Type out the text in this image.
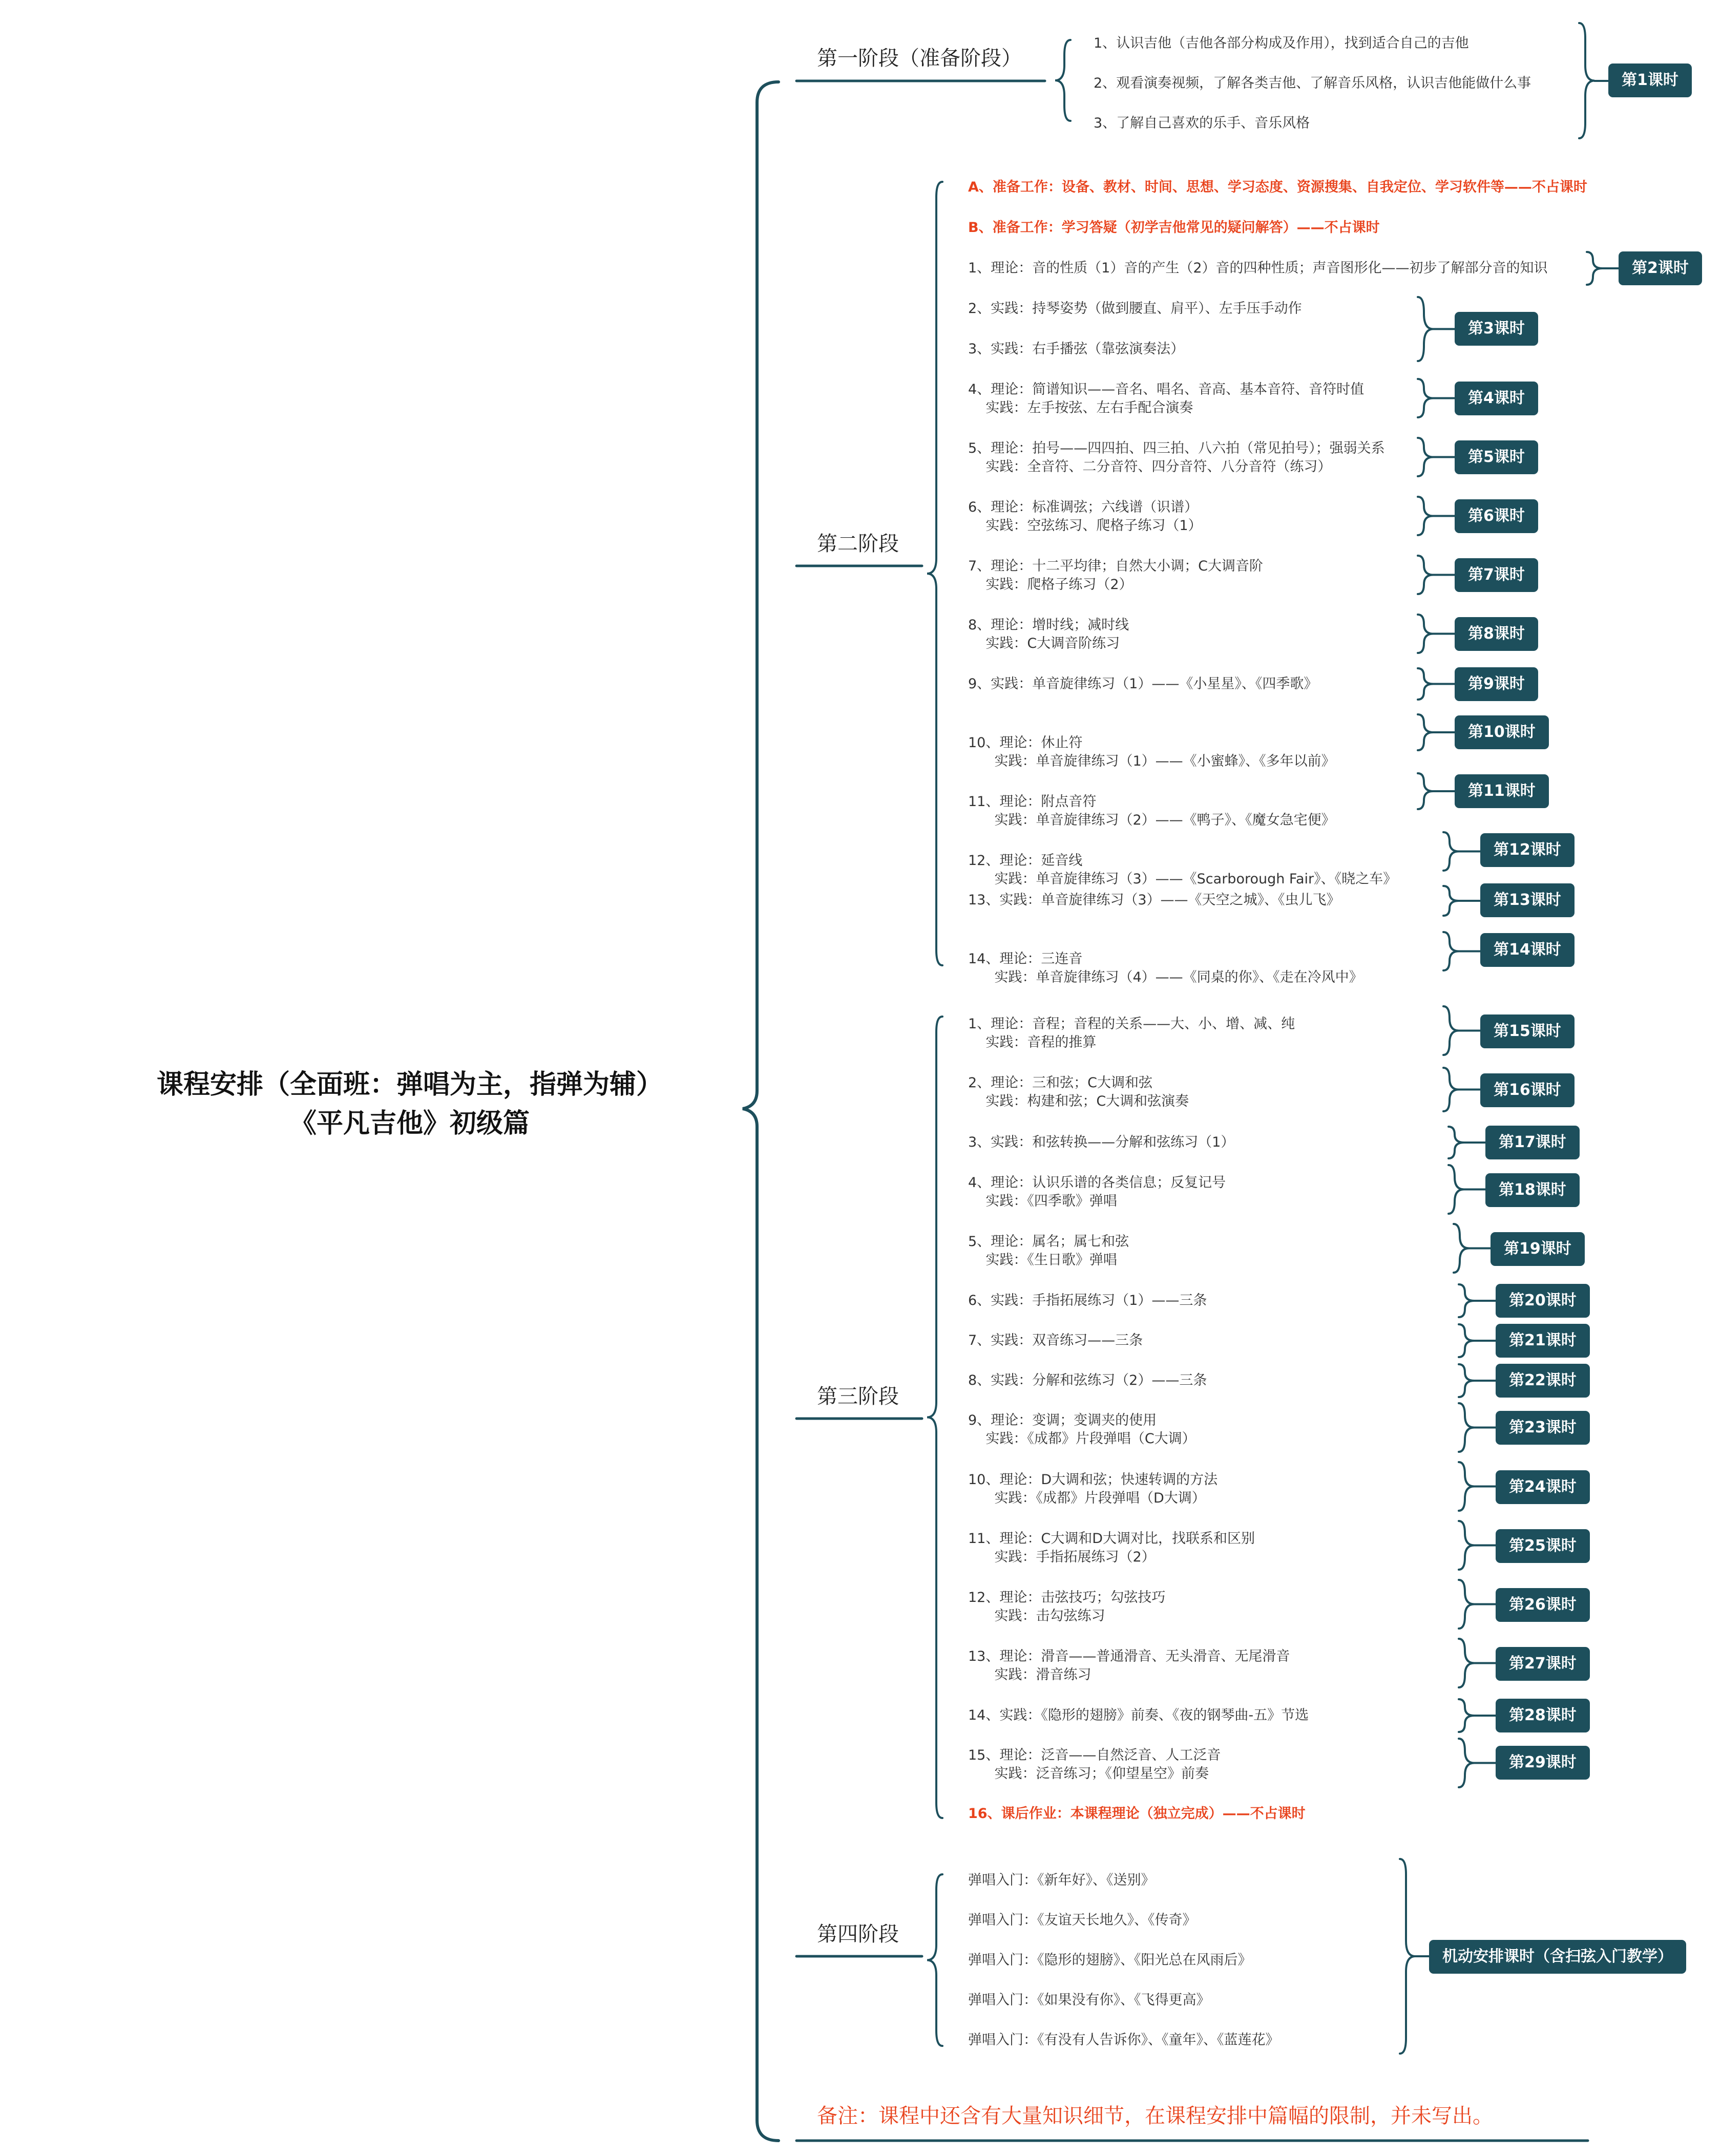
课程安排（全面班：弹唱为主，指弹为辅）
《平凡吉他》初级篇
第一阶段（准备阶段）
1、认识吉他（吉他各部分构成及作用），找到适合自己的吉他
2、观看演奏视频，了解各类吉他、了解音乐风格，认识吉他能做什么事
3、了解自己喜欢的乐手、音乐风格
第1课时
第二阶段
A、准备工作：设备、教材、时间、思想、学习态度、资源搜集、自我定位、学习软件等——不占课时
B、准备工作：学习答疑（初学吉他常见的疑问解答）——不占课时
1、理论：音的性质（1）音的产生（2）音的四种性质；声音图形化——初步了解部分音的知识
2、实践：持琴姿势（做到腰直、肩平）、左手压手动作
3、实践：右手播弦（靠弦演奏法）
4、理论：简谱知识——音名、唱名、音高、基本音符、音符时值
实践：左手按弦、左右手配合演奏
5、理论：拍号——四四拍、四三拍、八六拍（常见拍号）；强弱关系
实践：全音符、二分音符、四分音符、八分音符（练习）
6、理论：标准调弦；六线谱（识谱）
实践：空弦练习、爬格子练习（1）
7、理论：十二平均律；自然大小调；C大调音阶
实践：爬格子练习（2）
8、理论：增时线；减时线
实践：C大调音阶练习
9、实践：单音旋律练习（1）——《小星星》、《四季歌》
10、理论：休止符
实践：单音旋律练习（1）——《小蜜蜂》、《多年以前》
11、理论：附点音符
实践：单音旋律练习（2）——《鸭子》、《魔女急宅便》
12、理论：延音线
实践：单音旋律练习（3）——《Scarborough Fair》、《晓之车》
13、实践：单音旋律练习（3）——《天空之城》、《虫儿飞》
14、理论：三连音
实践：单音旋律练习（4）——《同桌的你》、《走在冷风中》
第2课时
第3课时
第4课时
第5课时
第6课时
第7课时
第8课时
第9课时
第10课时
第11课时
第12课时
第13课时
第14课时
第三阶段
1、理论：音程；音程的关系——大、小、增、减、纯
实践：音程的推算
2、理论：三和弦；C大调和弦
实践：构建和弦；C大调和弦演奏
3、实践：和弦转换——分解和弦练习（1）
4、理论：认识乐谱的各类信息；反复记号
实践：《四季歌》弹唱
5、理论：属名；属七和弦
实践：《生日歌》弹唱
6、实践：手指拓展练习（1）——三条
7、实践：双音练习——三条
8、实践：分解和弦练习（2）——三条
9、理论：变调；变调夹的使用
实践：《成都》片段弹唱（C大调）
10、理论：D大调和弦；快速转调的方法
实践：《成都》片段弹唱（D大调）
11、理论：C大调和D大调对比，找联系和区别
实践：手指拓展练习（2）
12、理论：击弦技巧；勾弦技巧
实践：击勾弦练习
13、理论：滑音——普通滑音、无头滑音、无尾滑音
实践：滑音练习
14、实践：《隐形的翅膀》前奏、《夜的钢琴曲-五》节选
15、理论：泛音——自然泛音、人工泛音
实践：泛音练习；《仰望星空》前奏
16、课后作业：本课程理论（独立完成）——不占课时
第15课时
第16课时
第17课时
第18课时
第19课时
第20课时
第21课时
第22课时
第23课时
第24课时
第25课时
第26课时
第27课时
第28课时
第29课时
第四阶段
弹唱入门：《新年好》、《送别》
弹唱入门：《友谊天长地久》、《传奇》
弹唱入门：《隐形的翅膀》、《阳光总在风雨后》
弹唱入门：《如果没有你》、《飞得更高》
弹唱入门：《有没有人告诉你》、《童年》、《蓝莲花》
机动安排课时（含扫弦入门教学）
备注：课程中还含有大量知识细节，在课程安排中篇幅的限制，并未写出。
